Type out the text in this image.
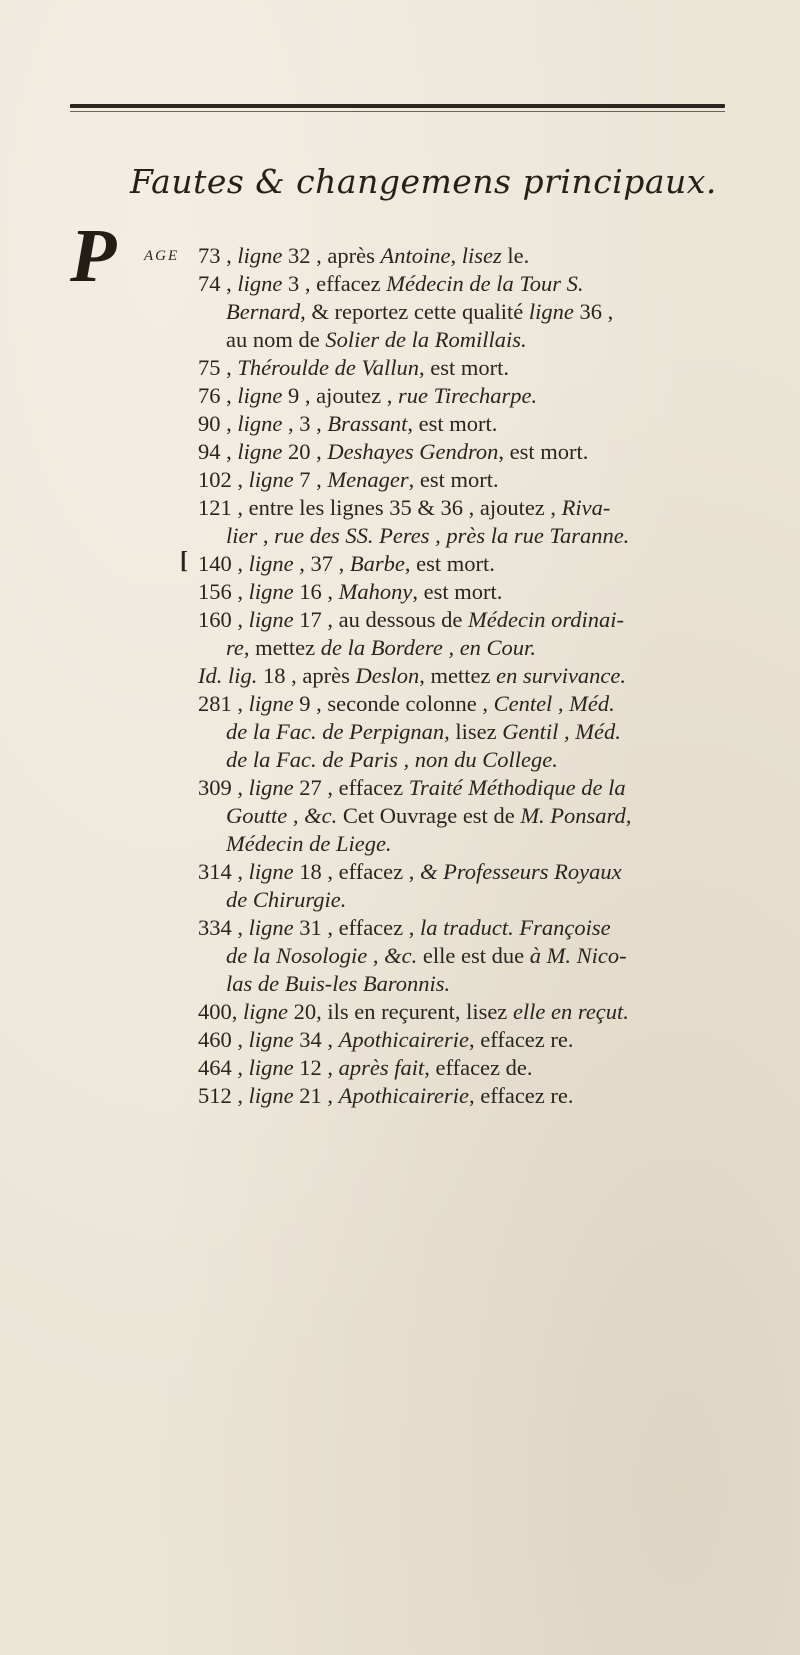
Fautes & changemens principaux.
P AGE
[
73 , ligne 32 , après Antoine, lisez le.
74 , ligne 3 , effacez Médecin de la Tour S.
Bernard, & reportez cette qualité ligne 36 ,
au nom de Solier de la Romillais.
75 , Théroulde de Vallun, est mort.
76 , ligne 9 , ajoutez , rue Tirecharpe.
90 , ligne , 3 , Brassant, est mort.
94 , ligne 20 , Deshayes Gendron, est mort.
102 , ligne 7 , Menager, est mort.
121 , entre les lignes 35 & 36 , ajoutez , Riva-
lier , rue des SS. Peres , près la rue Taranne.
140 , ligne , 37 , Barbe, est mort.
156 , ligne 16 , Mahony, est mort.
160 , ligne 17 , au dessous de Médecin ordinai-
re, mettez de la Bordere , en Cour.
Id. lig. 18 , après Deslon, mettez en survivance.
281 , ligne 9 , seconde colonne , Centel , Méd.
de la Fac. de Perpignan, lisez Gentil , Méd.
de la Fac. de Paris , non du College.
309 , ligne 27 , effacez Traité Méthodique de la
Goutte , &c. Cet Ouvrage est de M. Ponsard,
Médecin de Liege.
314 , ligne 18 , effacez , & Professeurs Royaux
de Chirurgie.
334 , ligne 31 , effacez , la traduct. Françoise
de la Nosologie , &c. elle est due à M. Nico-
las de Buis-les Baronnis.
400, ligne 20, ils en reçurent, lisez elle en reçut.
460 , ligne 34 , Apothicairerie, effacez re.
464 , ligne 12 , après fait, effacez de.
512 , ligne 21 , Apothicairerie, effacez re.
